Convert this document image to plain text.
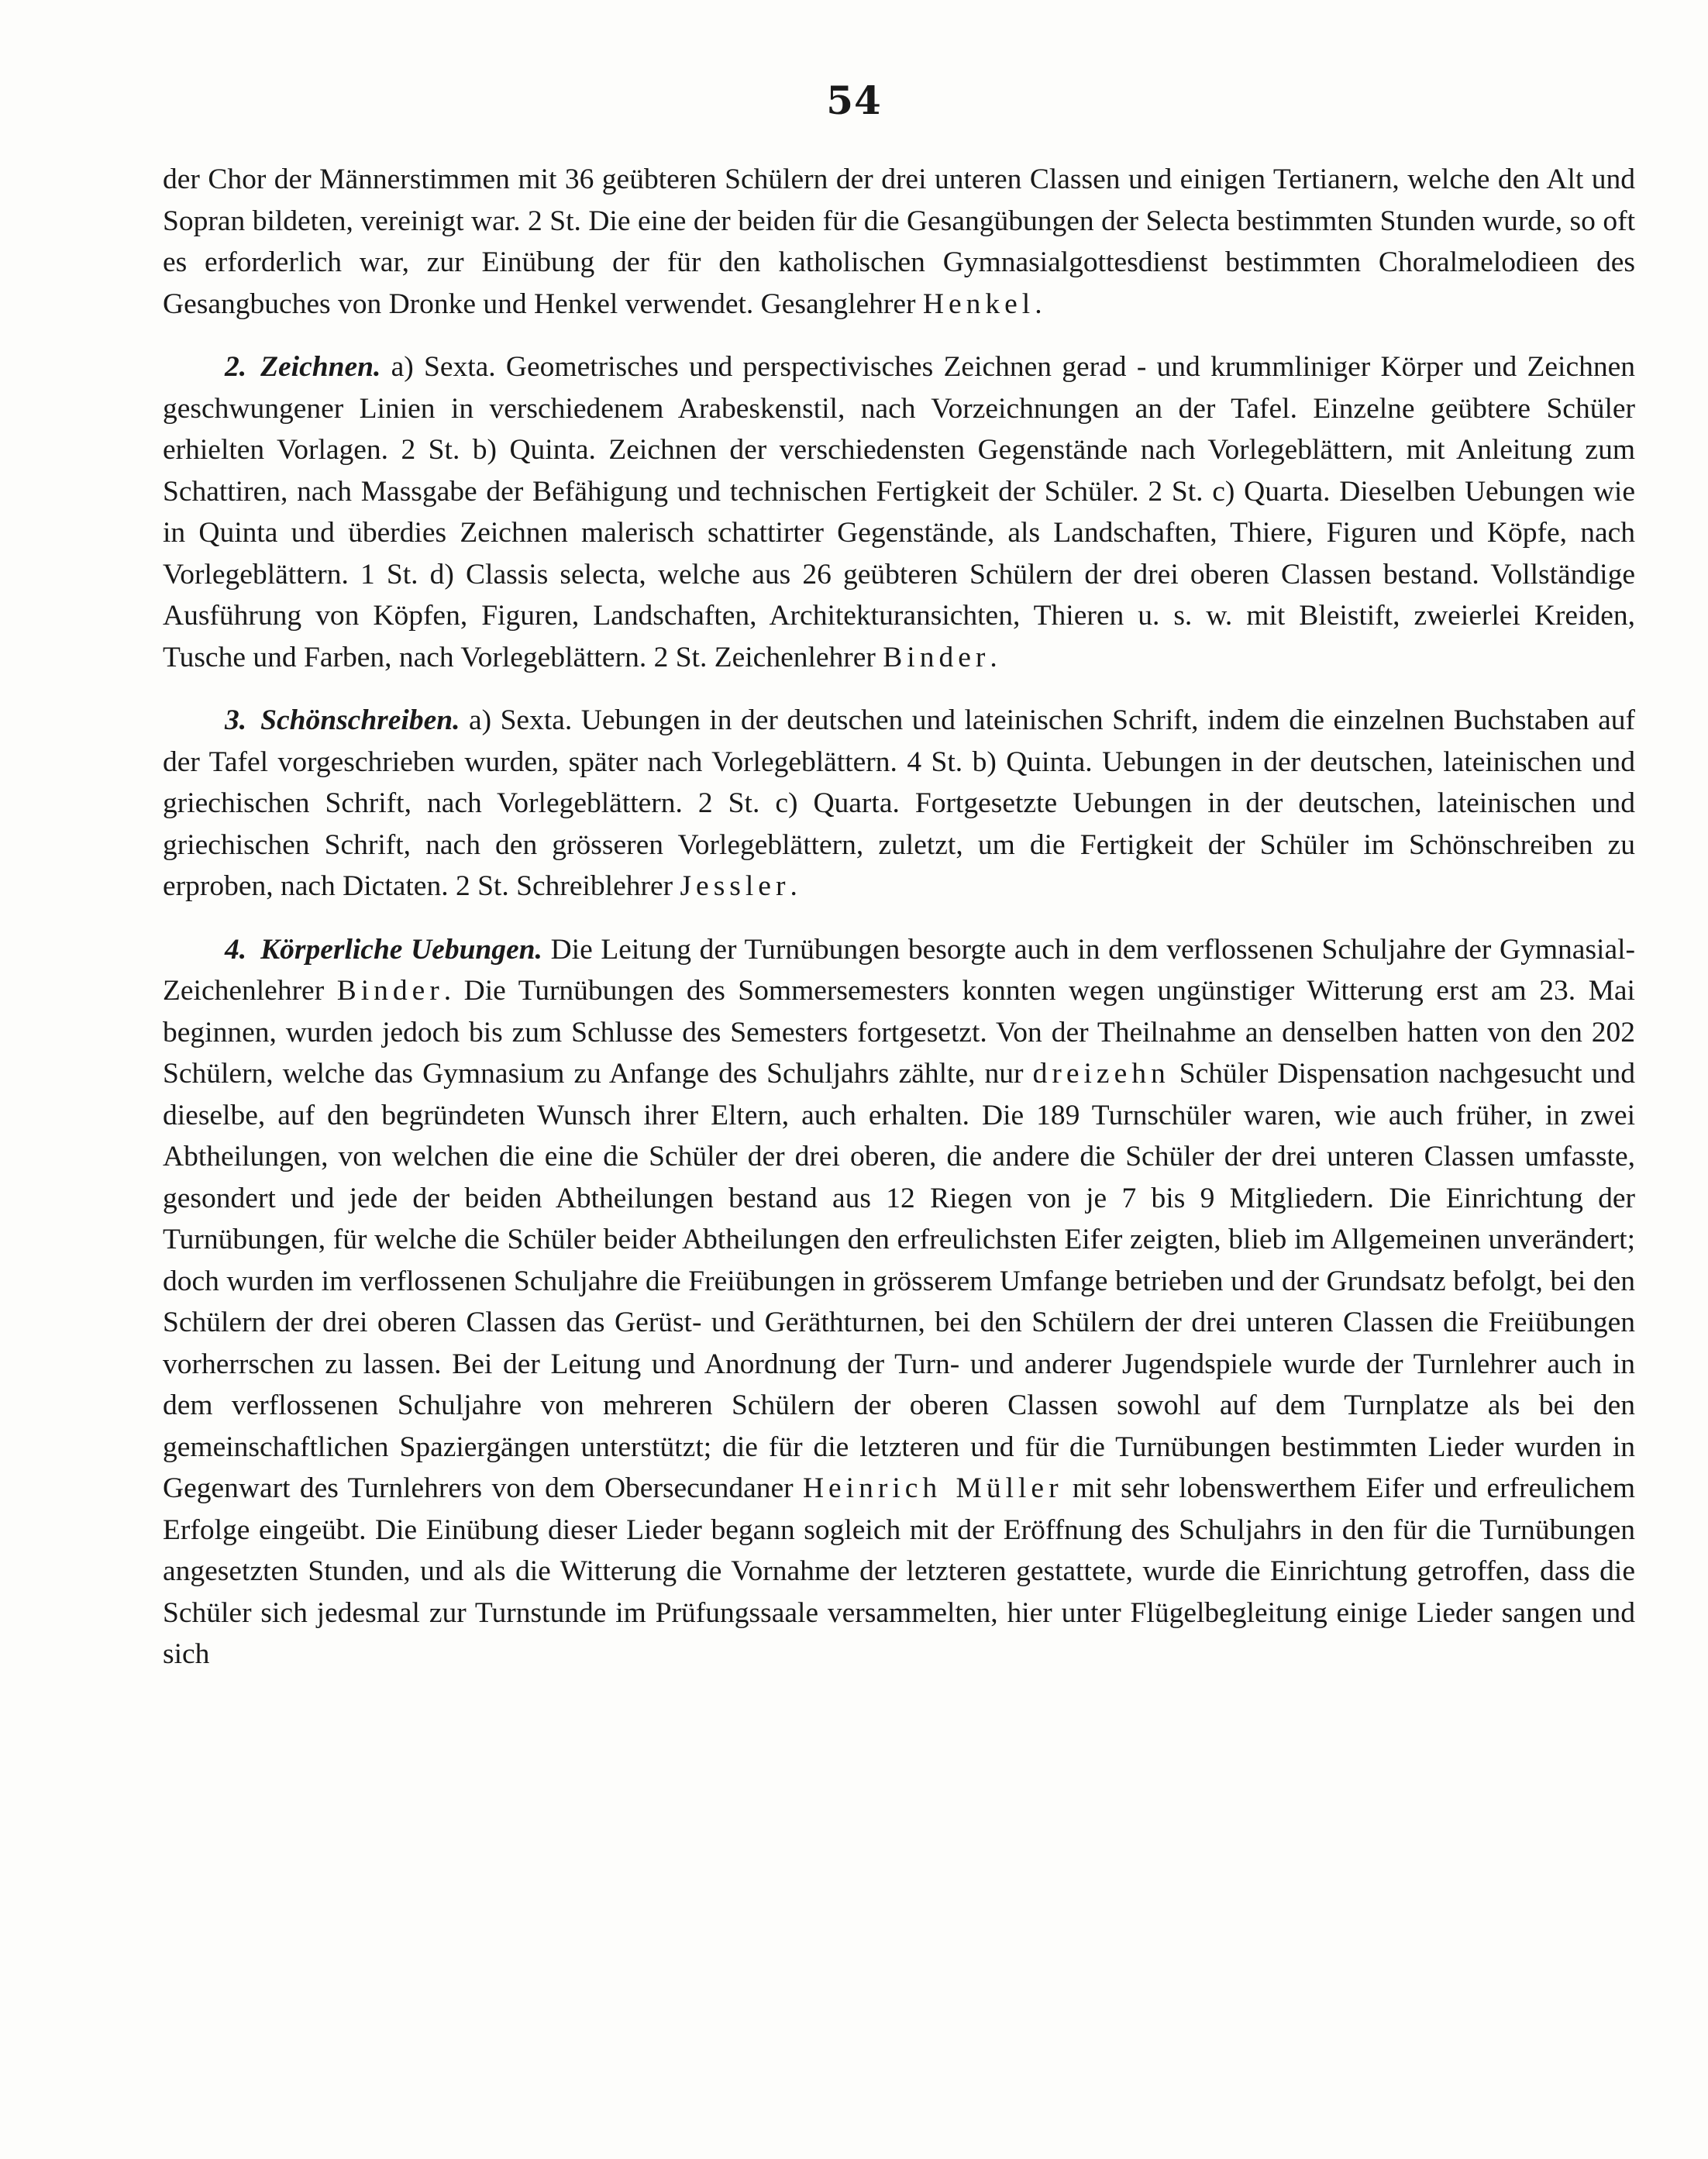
54

der Chor der Männerstimmen mit 36 geübteren Schülern der drei unteren Classen und einigen Tertianern, welche den Alt und Sopran bildeten, vereinigt war. 2 St. Die eine der beiden für die Gesangübungen der Selecta bestimmten Stunden wurde, so oft es erforderlich war, zur Einübung der für den katholischen Gymnasialgottesdienst bestimmten Choralmelodieen des Gesangbuches von Dronke und Henkel verwendet. Gesanglehrer Henkel.

2. Zeichnen. a) Sexta. Geometrisches und perspectivisches Zeichnen gerad - und krummliniger Körper und Zeichnen geschwungener Linien in verschiedenem Arabeskenstil, nach Vorzeichnungen an der Tafel. Einzelne geübtere Schüler erhielten Vorlagen. 2 St. b) Quinta. Zeichnen der verschiedensten Gegenstände nach Vorlegeblättern, mit Anleitung zum Schattiren, nach Massgabe der Befähigung und technischen Fertigkeit der Schüler. 2 St. c) Quarta. Dieselben Uebungen wie in Quinta und überdies Zeichnen malerisch schattirter Gegenstände, als Landschaften, Thiere, Figuren und Köpfe, nach Vorlegeblättern. 1 St. d) Classis selecta, welche aus 26 geübteren Schülern der drei oberen Classen bestand. Vollständige Ausführung von Köpfen, Figuren, Landschaften, Architekturansichten, Thieren u. s. w. mit Bleistift, zweierlei Kreiden, Tusche und Farben, nach Vorlegeblättern. 2 St. Zeichenlehrer Binder.

3. Schönschreiben. a) Sexta. Uebungen in der deutschen und lateinischen Schrift, indem die einzelnen Buchstaben auf der Tafel vorgeschrieben wurden, später nach Vorlegeblättern. 4 St. b) Quinta. Uebungen in der deutschen, lateinischen und griechischen Schrift, nach Vorlegeblättern. 2 St. c) Quarta. Fortgesetzte Uebungen in der deutschen, lateinischen und griechischen Schrift, nach den grösseren Vorlegeblättern, zuletzt, um die Fertigkeit der Schüler im Schönschreiben zu erproben, nach Dictaten. 2 St. Schreiblehrer Jessler.

4. Körperliche Uebungen. Die Leitung der Turnübungen besorgte auch in dem verflossenen Schuljahre der Gymnasial-Zeichenlehrer Binder. Die Turnübungen des Sommersemesters konnten wegen ungünstiger Witterung erst am 23. Mai beginnen, wurden jedoch bis zum Schlusse des Semesters fortgesetzt. Von der Theilnahme an denselben hatten von den 202 Schülern, welche das Gymnasium zu Anfange des Schuljahrs zählte, nur dreizehn Schüler Dispensation nachgesucht und dieselbe, auf den begründeten Wunsch ihrer Eltern, auch erhalten. Die 189 Turnschüler waren, wie auch früher, in zwei Abtheilungen, von welchen die eine die Schüler der drei oberen, die andere die Schüler der drei unteren Classen umfasste, gesondert und jede der beiden Abtheilungen bestand aus 12 Riegen von je 7 bis 9 Mitgliedern. Die Einrichtung der Turnübungen, für welche die Schüler beider Abtheilungen den erfreulichsten Eifer zeigten, blieb im Allgemeinen unverändert; doch wurden im verflossenen Schuljahre die Freiübungen in grösserem Umfange betrieben und der Grundsatz befolgt, bei den Schülern der drei oberen Classen das Gerüst- und Geräthturnen, bei den Schülern der drei unteren Classen die Freiübungen vorherrschen zu lassen. Bei der Leitung und Anordnung der Turn- und anderer Jugendspiele wurde der Turnlehrer auch in dem verflossenen Schuljahre von mehreren Schülern der oberen Classen sowohl auf dem Turnplatze als bei den gemeinschaftlichen Spaziergängen unterstützt; die für die letzteren und für die Turnübungen bestimmten Lieder wurden in Gegenwart des Turnlehrers von dem Obersecundaner Heinrich Müller mit sehr lobenswerthem Eifer und erfreulichem Erfolge eingeübt. Die Einübung dieser Lieder begann sogleich mit der Eröffnung des Schuljahrs in den für die Turnübungen angesetzten Stunden, und als die Witterung die Vornahme der letzteren gestattete, wurde die Einrichtung getroffen, dass die Schüler sich jedesmal zur Turnstunde im Prüfungssaale versammelten, hier unter Flügelbegleitung einige Lieder sangen und sich
